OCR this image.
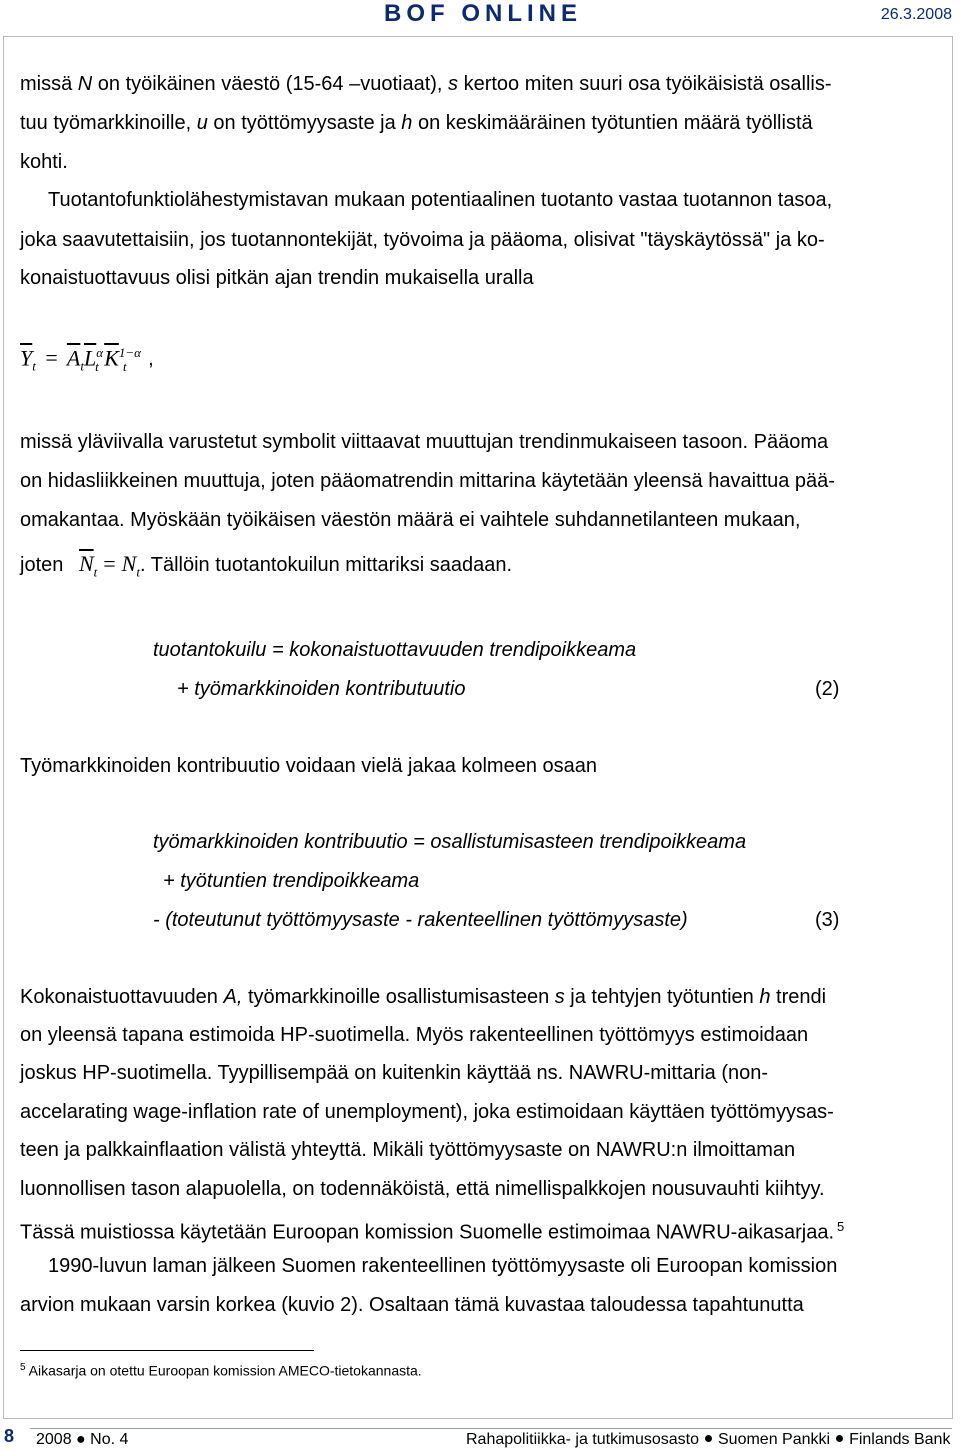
BOF ONLINE	26.3.2008
missä N on työikäinen väestö (15-64 –vuotiaat), s kertoo miten suuri osa työikäisistä osallis-
tuu työmarkkinoille, u on työttömyysaste ja h on keskimääräinen työtuntien määrä työllistä
kohti.
Tuotantofunktiolähestymistavan mukaan potentiaalinen tuotanto vastaa tuotannon tasoa,
joka saavutettaisiin, jos tuotannontekijät, työvoima ja pääoma, olisivat "täyskäytössä" ja ko-
konaistuottavuus olisi pitkän ajan trendin mukaisella uralla
$\overline{Y}_t = \overline{A}_t\overline{L}^\alpha_t$ $\overline{K}^{1-\alpha}_t$ ,
missä yläviivalla varustetut symbolit viittaavat muuttujan trendinmukaiseen tasoon. Pääoma
on hidasliikkeinen muuttuja, joten pääomatrendin mittarina käytetään yleensä havaittua pää-
omakantaa. Myöskään työikäisen väestön määrä ei vaihtele suhdannetilanteen mukaan,
joten $\overline{N}_t = N_t$. Tällöin tuotantokuilun mittariksi saadaan.
tuotantokuilu = kokonaistuottavuuden trendipoikkeama
+ työmarkkinoiden kontributuutio	(2)
Työmarkkinoiden kontribuutio voidaan vielä jakaa kolmeen osaan
työmarkkinoiden kontribuutio = osallistumisasteen trendipoikkeama
+ työtuntien trendipoikkeama
- (toteutunut työttömyysaste - rakenteellinen työttömyysaste)	(3)
Kokonaistuottavuuden A, työmarkkinoille osallistumisasteen s ja tehtyjen työtuntien h trendi
on yleensä tapana estimoida HP-suotimella. Myös rakenteellinen työttömyys estimoidaan
joskus HP-suotimella. Tyypillisempää on kuitenkin käyttää ns. NAWRU-mittaria (non-
accelarating wage-inflation rate of unemployment), joka estimoidaan käyttäen työttömyysas-
teen ja palkkainflaation välistä yhteyttä. Mikäli työttömyysaste on NAWRU:n ilmoittaman
luonnollisen tason alapuolella, on todennäköistä, että nimellispalkkojen nousuvauhti kiihtyy.
Tässä muistiossa käytetään Euroopan komission Suomelle estimoimaa NAWRU-aikasarjaa. $^5$
1990-luvun laman jälkeen Suomen rakenteellinen työttömyysaste oli Euroopan komission
arvion mukaan varsin korkea (kuvio 2). Osaltaan tämä kuvastaa taloudessa tapahtunutta
$^5$ Aikasarja on otettu Euroopan komission AMECO-tietokannasta.
8 2008 ● No. 4	Rahapolitiikka- ja tutkimusosasto Suomen Pankki Finlands Bank
